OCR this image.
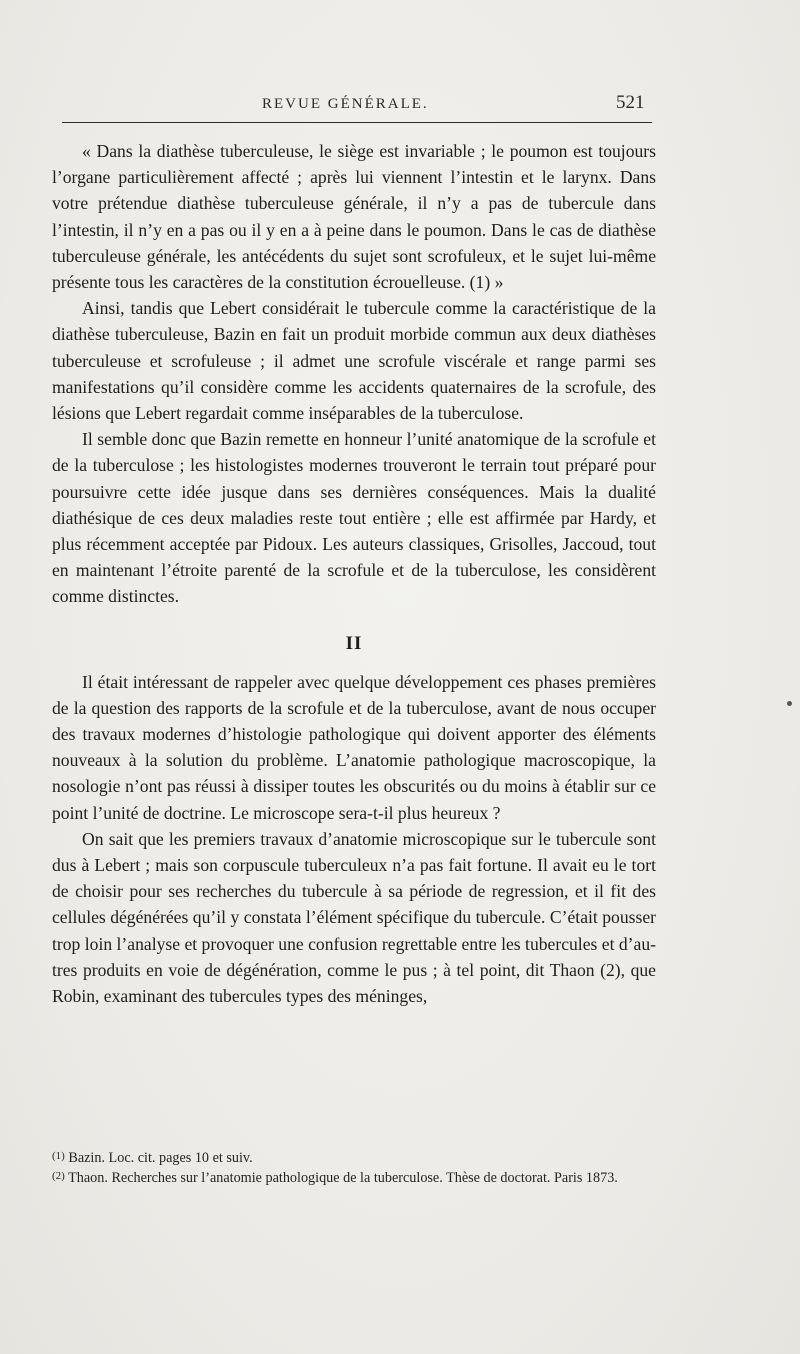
REVUE GÉNÉRALE.	521

« Dans la diathèse tuberculeuse, le siège est invariable ; le poumon est toujours l’organe particulièrement affecté ; après lui viennent l’intestin et le larynx. Dans votre prétendue diathèse tuberculeuse générale, il n’y a pas de tubercule dans l’intestin, il n’y en a pas ou il y en a à peine dans le poumon. Dans le cas de diathèse tuberculeuse générale, les antécédents du sujet sont scrofuleux, et le sujet lui-même présente tous les caractères de la constitution écrouelleuse. (1) »

Ainsi, tandis que Lebert considérait le tubercule comme la caractéristique de la diathèse tuberculeuse, Bazin en fait un produit morbide commun aux deux diathèses tuberculeuse et scrofuleuse ; il admet une scrofule viscérale et range parmi ses manifestations qu’il considère comme les accidents quaternaires de la scrofule, des lésions que Lebert regardait comme inséparables de la tuberculose.

Il semble donc que Bazin remette en honneur l’unité anatomique de la scrofule et de la tuberculose ; les histologistes modernes trouveront le terrain tout préparé pour poursuivre cette idée jusque dans ses dernières conséquences. Mais la dualité diathésique de ces deux maladies reste tout entière ; elle est affirmée par Hardy, et plus récemment acceptée par Pidoux. Les auteurs classiques, Grisolles, Jaccoud, tout en maintenant l’étroite parenté de la scrofule et de la tuberculose, les considèrent comme distinctes.

II

Il était intéressant de rappeler avec quelque développement ces phases premières de la question des rapports de la scrofule et de la tuberculose, avant de nous occuper des travaux modernes d’histologie pathologique qui doivent apporter des éléments nouveaux à la solution du problème. L’anatomie pathologique macroscopique, la nosologie n’ont pas réussi à dissiper toutes les obscurités ou du moins à établir sur ce point l’unité de doctrine. Le microscope sera-t-il plus heureux ?

On sait que les premiers travaux d’anatomie microscopique sur le tubercule sont dus à Lebert ; mais son corpuscule tuberculeux n’a pas fait fortune. Il avait eu le tort de choisir pour ses recherches du tubercule à sa période de regression, et il fit des cellules dégénérées qu’il y constata l’élément spécifique du tubercule. C’était pousser trop loin l’analyse et provoquer une confusion regrettable entre les tubercules et d’autres produits en voie de dégénération, comme le pus ; à tel point, dit Thaon (2), que Robin, examinant des tubercules types des méninges,

$^{(1)}$ Bazin. Loc. cit. pages 10 et suiv.

$^{(2)}$ Thaon. Recherches sur l’anatomie pathologique de la tuberculose. Thèse de doctorat. Paris 1873.
